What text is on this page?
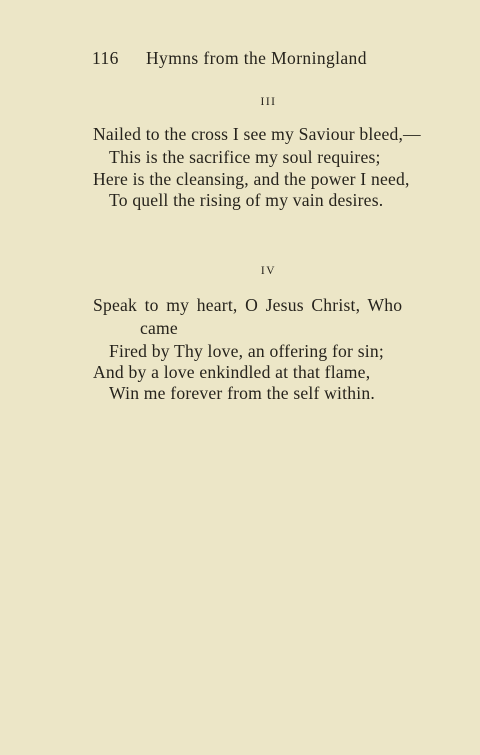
116 Hymns from the Morningland
III
Nailed to the cross I see my Saviour bleed,—
This is the sacrifice my soul requires;
Here is the cleansing, and the power I need,
To quell the rising of my vain desires.
IV
Speak to my heart, O Jesus Christ, Who
came
Fired by Thy love, an offering for sin;
And by a love enkindled at that flame,
Win me forever from the self within.
